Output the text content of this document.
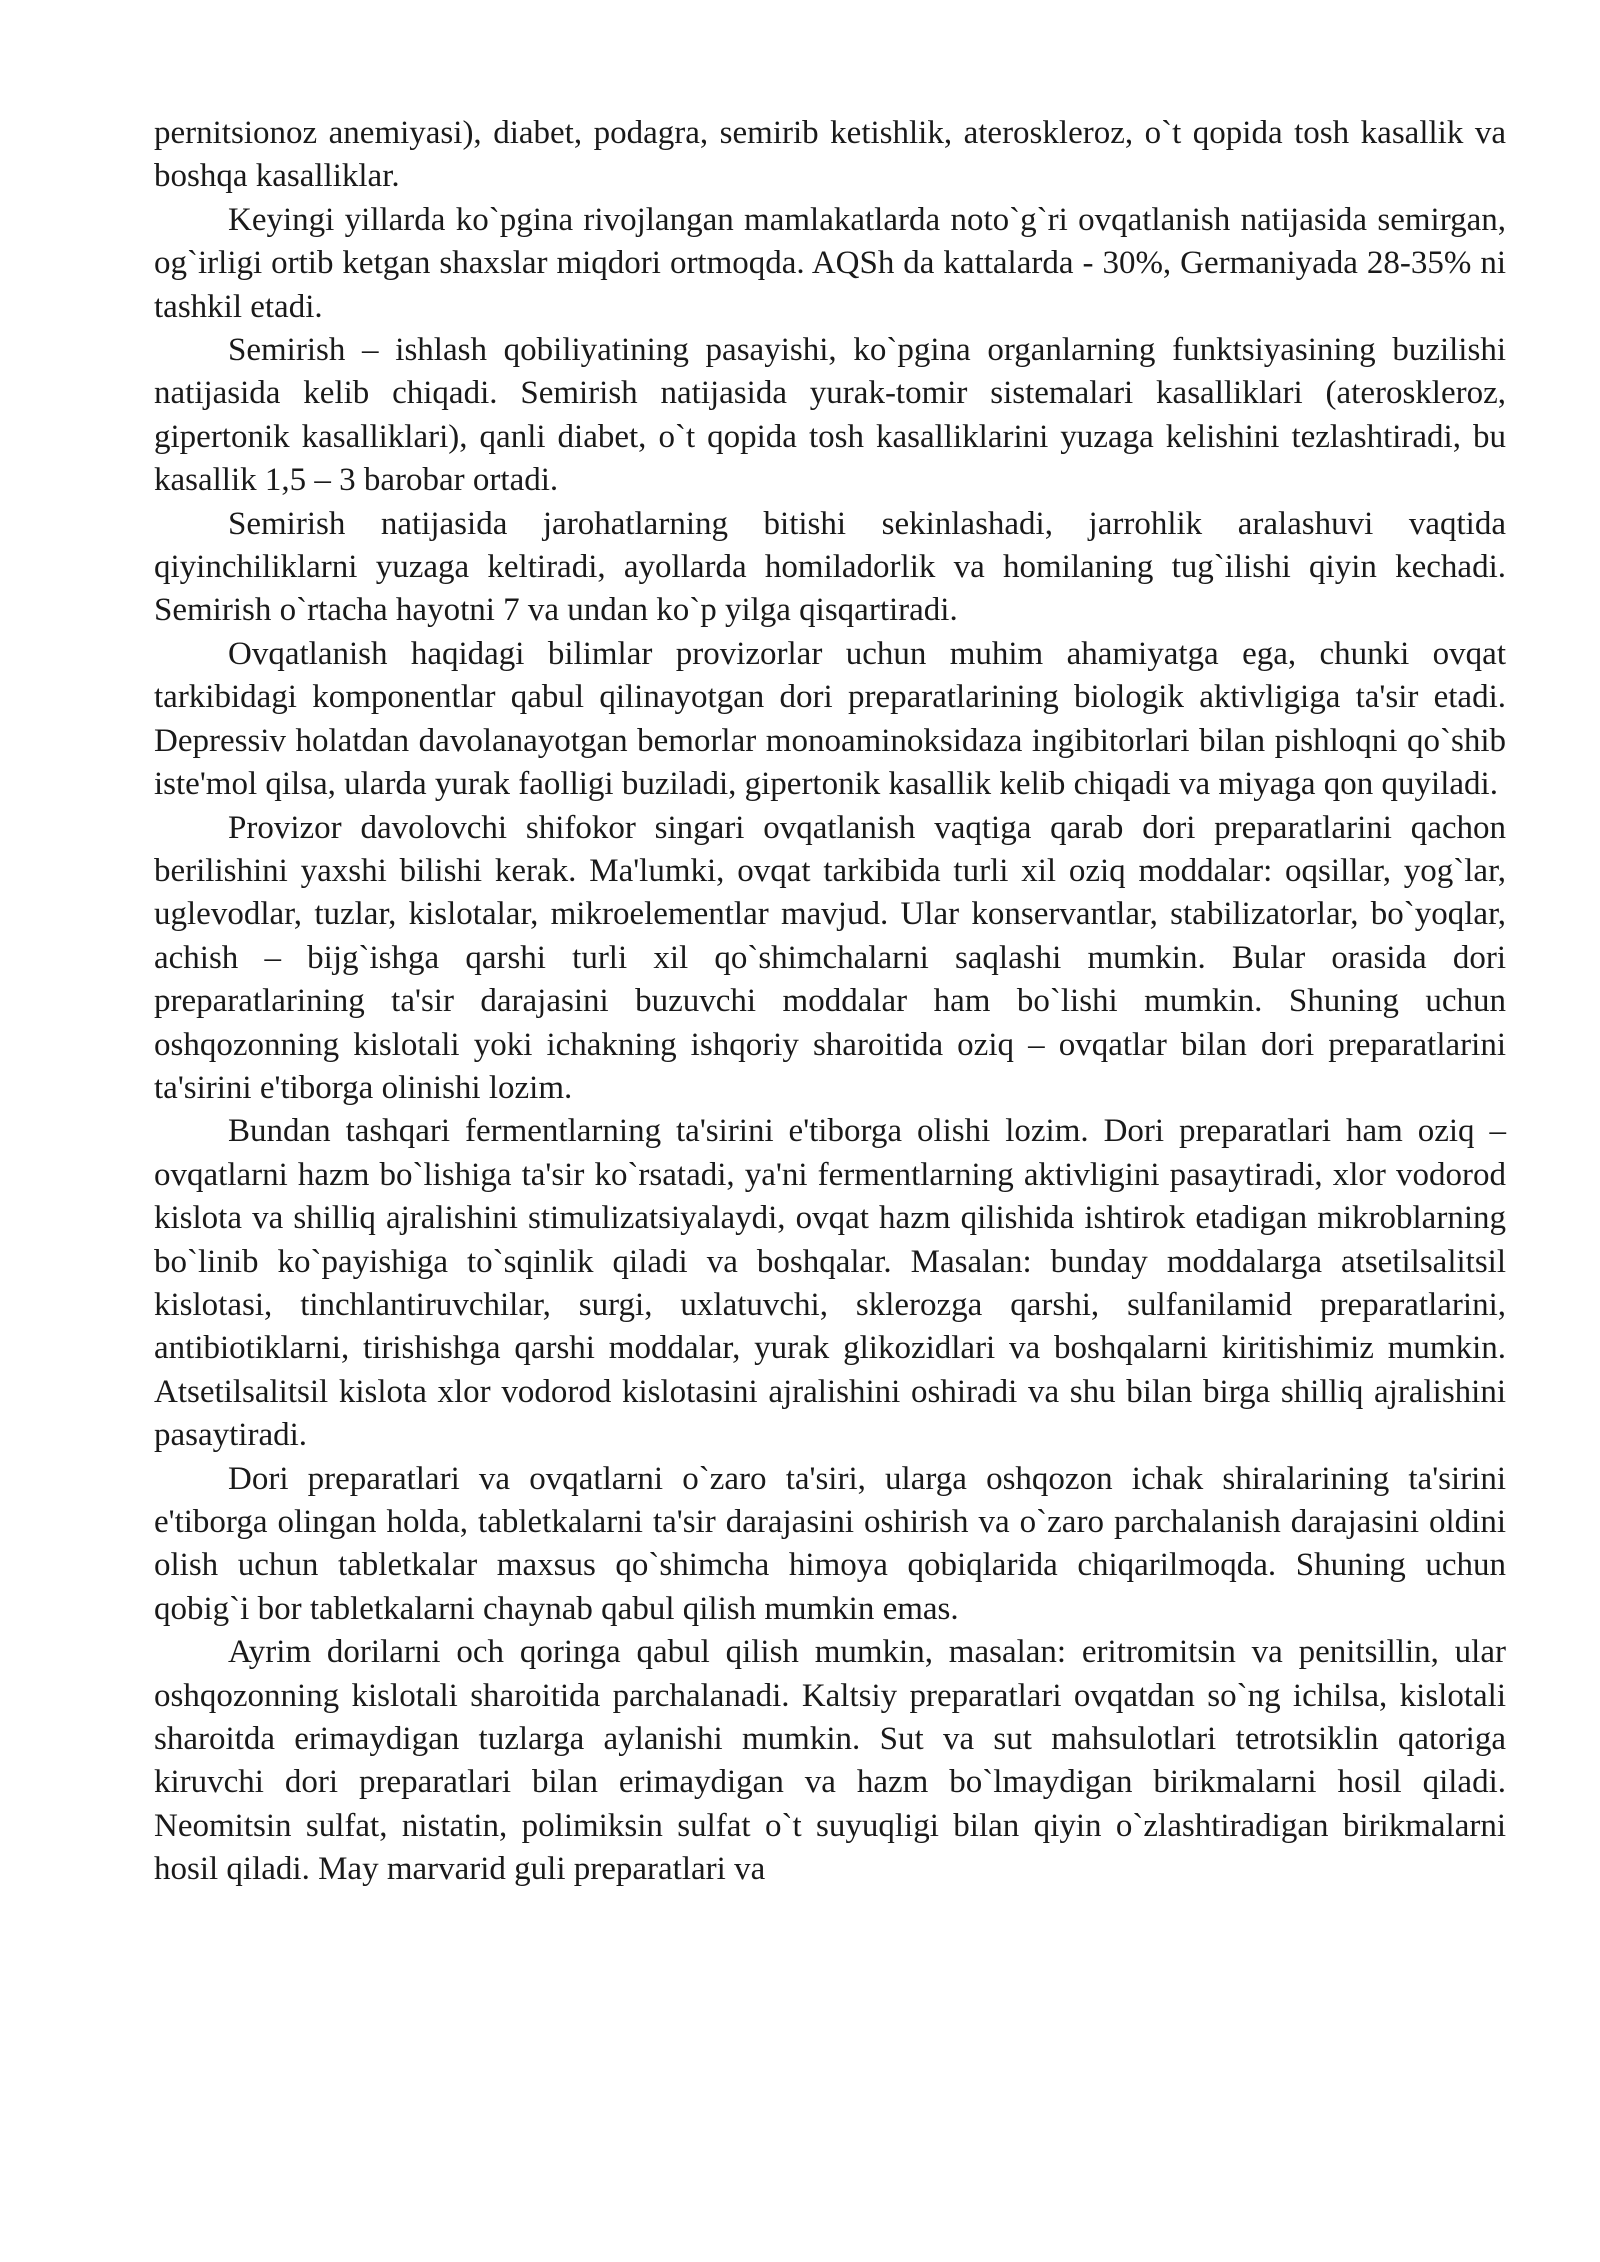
pernitsionoz anemiyasi), diabet, podagra, semirib ketishlik, ateroskleroz, o`t qopida tosh kasallik va boshqa kasalliklar.

Keyingi yillarda ko`pgina rivojlangan mamlakatlarda noto`g`ri ovqatlanish natijasida semirgan, og`irligi ortib ketgan shaxslar miqdori ortmoqda. AQSh da kattalarda - 30%, Germaniyada 28-35% ni tashkil etadi.

Semirish – ishlash qobiliyatining pasayishi, ko`pgina organlarning funktsiyasining buzilishi natijasida kelib chiqadi. Semirish natijasida yurak-tomir sistemalari kasalliklari (ateroskleroz, gipertonik kasalliklari), qanli diabet, o`t qopida tosh kasalliklarini yuzaga kelishini tezlashtiradi, bu kasallik 1,5 – 3 barobar ortadi.

Semirish natijasida jarohatlarning bitishi sekinlashadi, jarrohlik aralashuvi vaqtida qiyinchiliklarni yuzaga keltiradi, ayollarda homiladorlik va homilaning tug`ilishi qiyin kechadi. Semirish o`rtacha hayotni 7 va undan ko`p yilga qisqartiradi.

Ovqatlanish haqidagi bilimlar provizorlar uchun muhim ahamiyatga ega, chunki ovqat tarkibidagi komponentlar qabul qilinayotgan dori preparatlarining biologik aktivligiga ta'sir etadi. Depressiv holatdan davolanayotgan bemorlar monoaminoksidaza ingibitorlari bilan pishloqni qo`shib iste'mol qilsa, ularda yurak faolligi buziladi, gipertonik kasallik kelib chiqadi va miyaga qon quyiladi.

Provizor davolovchi shifokor singari ovqatlanish vaqtiga qarab dori preparatlarini qachon berilishini yaxshi bilishi kerak. Ma'lumki, ovqat tarkibida turli xil oziq moddalar: oqsillar, yog`lar, uglevodlar, tuzlar, kislotalar, mikroelementlar mavjud. Ular konservantlar, stabilizatorlar, bo`yoqlar, achish – bijg`ishga qarshi turli xil qo`shimchalarni saqlashi mumkin. Bular orasida dori preparatlarining ta'sir darajasini buzuvchi moddalar ham bo`lishi mumkin. Shuning uchun oshqozonning kislotali yoki ichakning ishqoriy sharoitida oziq – ovqatlar bilan dori preparatlarini ta'sirini e'tiborga olinishi lozim.

Bundan tashqari fermentlarning ta'sirini e'tiborga olishi lozim. Dori preparatlari ham oziq – ovqatlarni hazm bo`lishiga ta'sir ko`rsatadi, ya'ni fermentlarning aktivligini pasaytiradi, xlor vodorod kislota va shilliq ajralishini stimulizatsiyalaydi, ovqat hazm qilishida ishtirok etadigan mikroblarning bo`linib ko`payishiga to`sqinlik qiladi va boshqalar. Masalan: bunday moddalarga atsetilsalitsil kislotasi, tinchlantiruvchilar, surgi, uxlatuvchi, sklerozga qarshi, sulfanilamid preparatlarini, antibiotiklarni, tirishishga qarshi moddalar, yurak glikozidlari va boshqalarni kiritishimiz mumkin. Atsetilsalitsil kislota xlor vodorod kislotasini ajralishini oshiradi va shu bilan birga shilliq ajralishini pasaytiradi.

Dori preparatlari va ovqatlarni o`zaro ta'siri, ularga oshqozon ichak shiralarining ta'sirini e'tiborga olingan holda, tabletkalarni ta'sir darajasini oshirish va o`zaro parchalanish darajasini oldini olish uchun tabletkalar maxsus qo`shimcha himoya qobiqlarida chiqarilmoqda. Shuning uchun qobig`i bor tabletkalarni chaynab qabul qilish mumkin emas.

Ayrim dorilarni och qoringa qabul qilish mumkin, masalan: eritromitsin va penitsillin, ular oshqozonning kislotali sharoitida parchalanadi. Kaltsiy preparatlari ovqatdan so`ng ichilsa, kislotali sharoitda erimaydigan tuzlarga aylanishi mumkin. Sut va sut mahsulotlari tetrotsiklin qatoriga kiruvchi dori preparatlari bilan erimaydigan va hazm bo`lmaydigan birikmalarni hosil qiladi. Neomitsin sulfat, nistatin, polimiksin sulfat o`t suyuqligi bilan qiyin o`zlashtiradigan birikmalarni hosil qiladi. May marvarid guli preparatlari va
